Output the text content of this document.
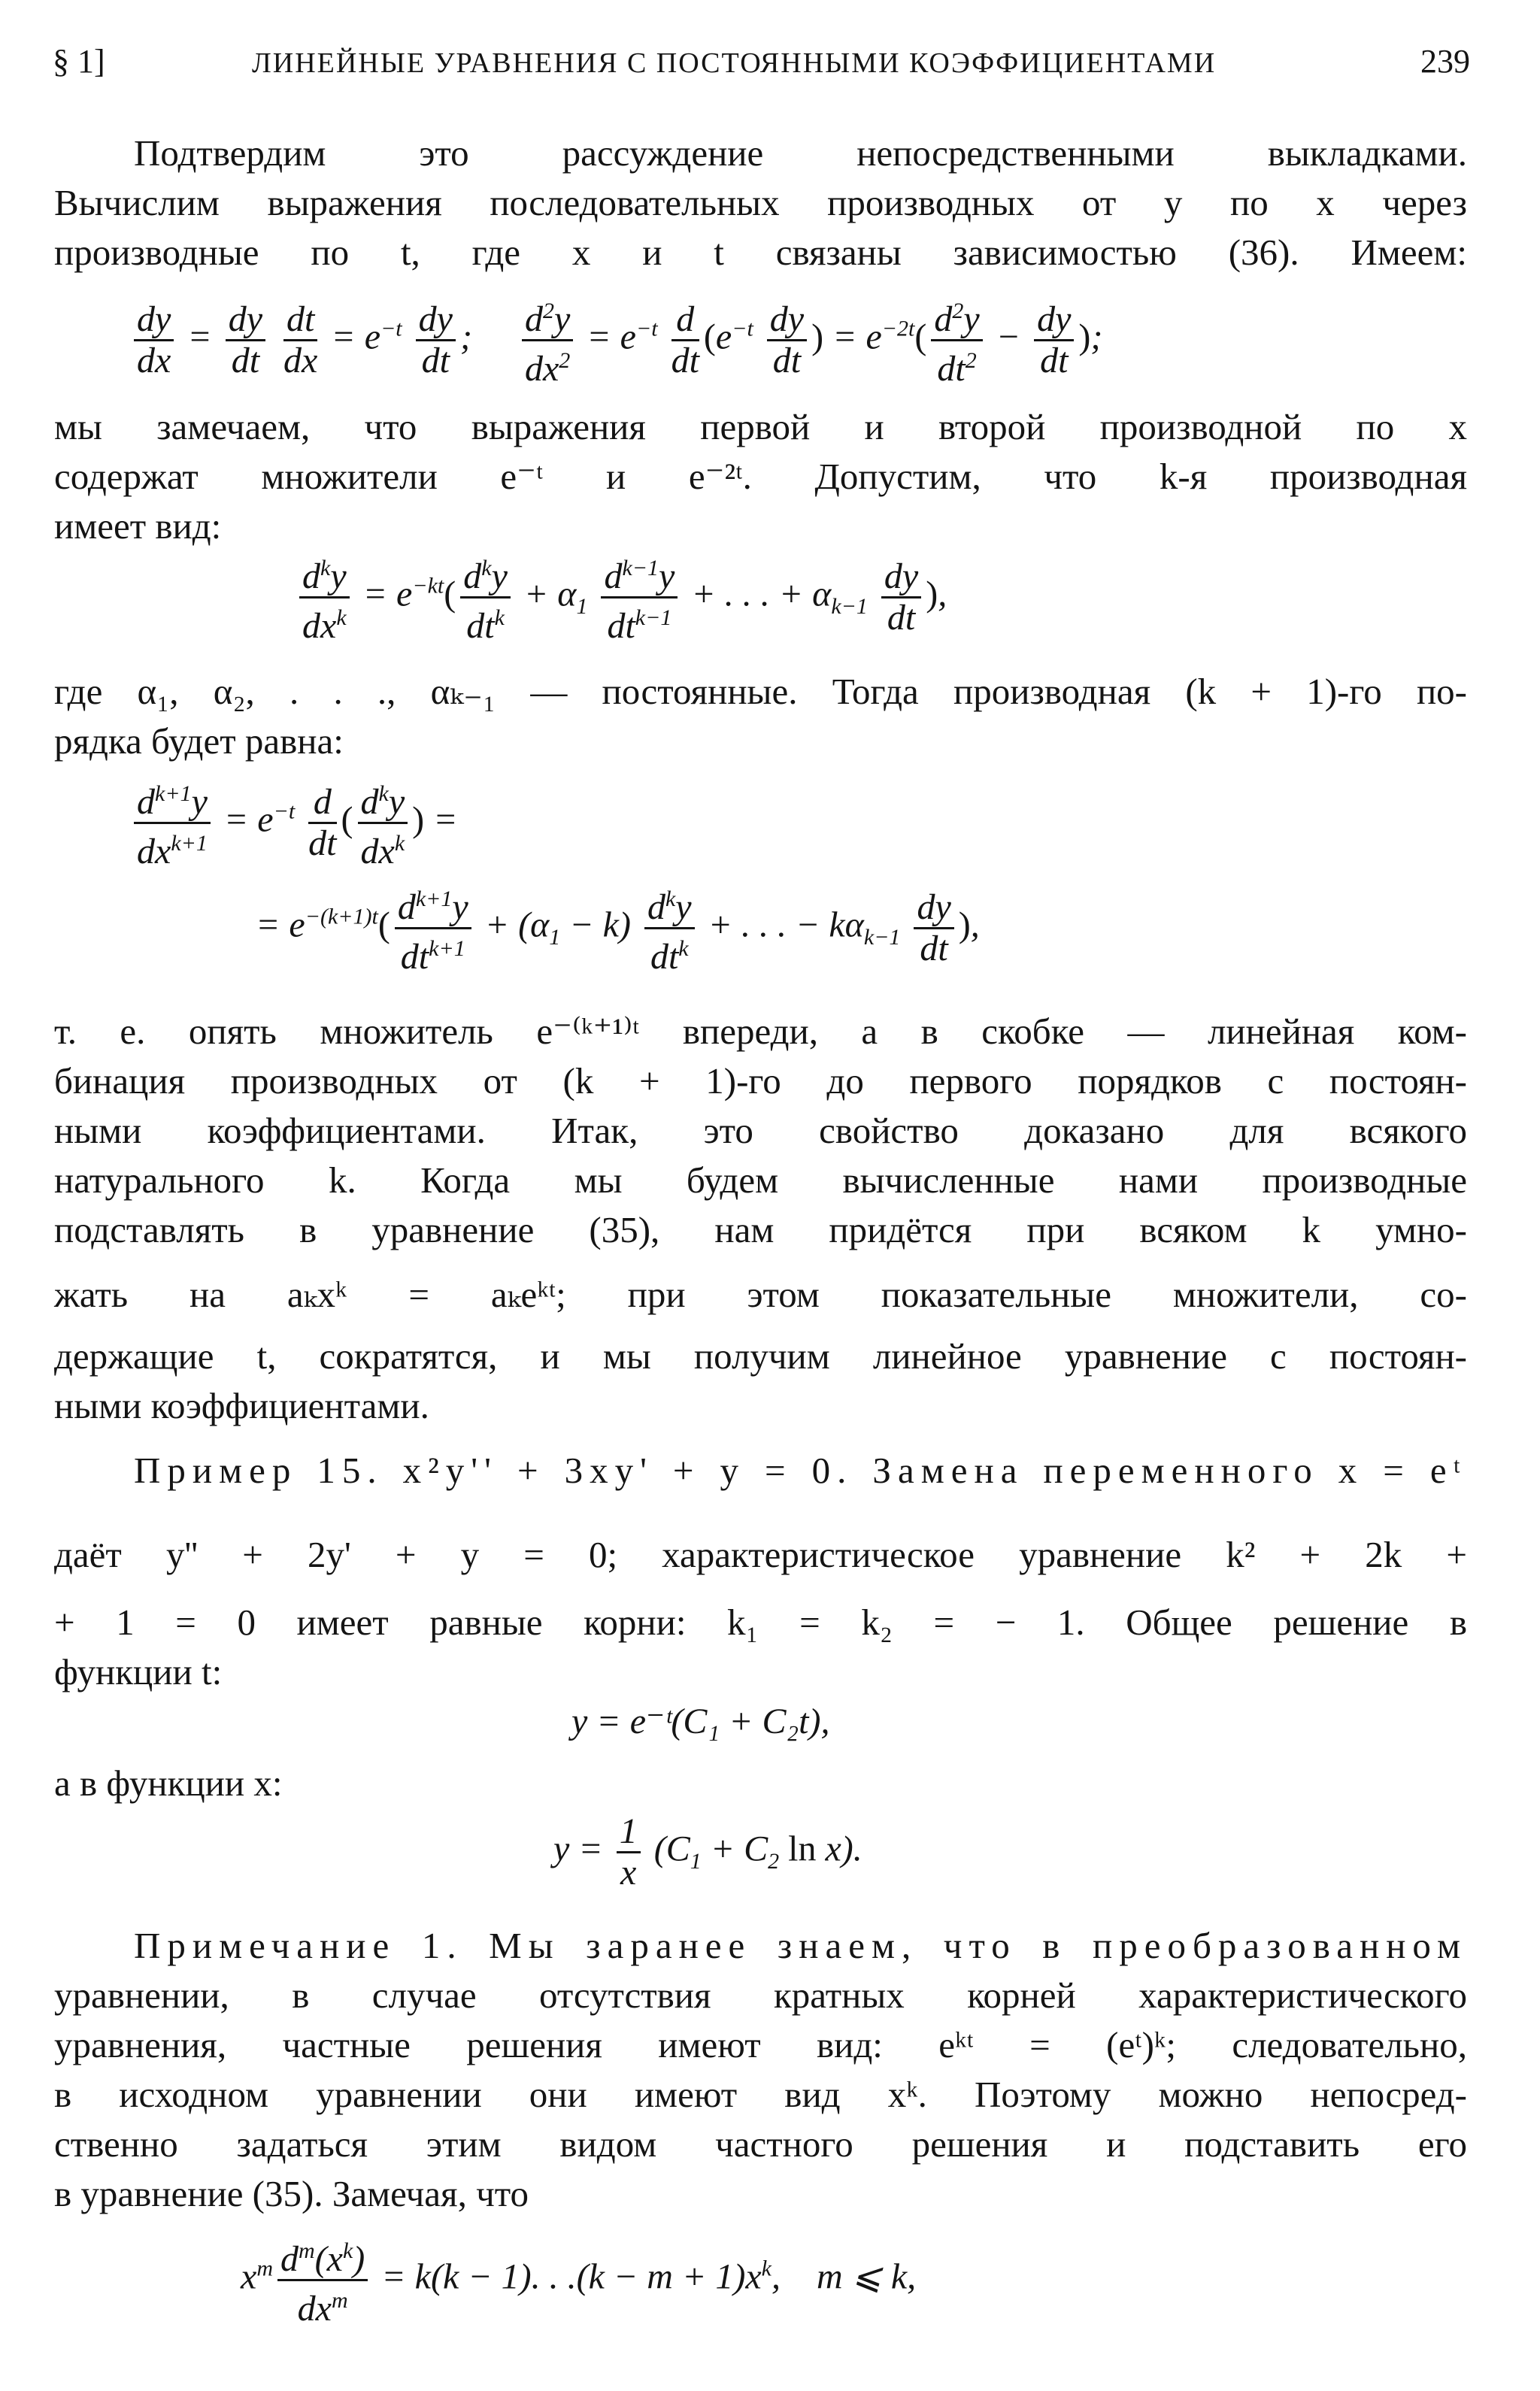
§ 1]	ЛИНЕЙНЫЕ УРАВНЕНИЯ С ПОСТОЯННЫМИ КОЭФФИЦИЕНТАМИ	239
Подтвердим это рассуждение непосредственными выкладками.
Вычислим выражения последовательных производных от y по x через
производные по t, где x и t связаны зависимостью (36). Имеем:
$\frac{dy}{dx} = \frac{dy}{dt}$
$\frac{dt}{dx} = e^{-t} \frac{dy}{dt}$ ; $\frac{d^2y}{dx^2} = e^{-t} \frac{d}{dt} (e^{-t} \frac{dy}{dt}$ ) = $e^{-2t}( \frac{d^2y}{dt^2} - \frac{dy}{dt}$ );
мы замечаем, что выражения первой и второй производной по x
содержат множители e⁻ᵗ и e⁻²ᵗ. Допустим, что k-я производная
имеет вид:
$\frac{d^ky}{dx^k} = e^{-kt}( \frac{d^ky}{dt^k} + \alpha_1 \frac{d^{k-1}y}{dt^{k-1}}$ + . . . + $\alpha_{k-1} \frac{dy}{dt}$ ),
где α₁, α₂, . . ., αₖ₋₁ — постоянные. Тогда производная (k + 1)-го по-
рядка будет равна:
$\frac{d^{k+1}y}{dx^{k+1}} = e^{-t} \frac{d}{dt}$ ( $\frac{d^ky}{dx^k}$ ) =
= $e^{-(k+1)t}( \frac{d^{k+1}y}{dt^{k+1}} + (\alpha_1 - k) \frac{d^ky}{dt^k}$ + . . . − $k\alpha_{k-1} \frac{dy}{dt}$ ),
т. е. опять множитель e⁻⁽ᵏ⁺¹⁾ᵗ впереди, а в скобке — линейная ком-
бинация производных от (k + 1)-го до первого порядков с постоян-
ными коэффициентами. Итак, это свойство доказано для всякого
натурального k. Когда мы будем вычисленные нами производные
подставлять в уравнение (35), нам придётся при всяком k умно-
жать на aₖxᵏ = aₖeᵏᵗ; при этом показательные множители, со-
держащие t, сократятся, и мы получим линейное уравнение с постоян-
ными коэффициентами.
Пример 15. x²y'' + 3xy' + y = 0. Замена переменного x = eᵗ
даёт y'' + 2y' + y = 0; характеристическое уравнение k² + 2k +
+ 1 = 0 имеет равные корни: k₁ = k₂ = − 1. Общее решение в
функции t:
y = e⁻ᵗ(C₁ + C₂t),
а в функции x:
$y = \frac{1}{x} (C_1 + C_2$ ln x).
Примечание 1. Мы заранее знаем, что в преобразованном
уравнении, в случае отсутствия кратных корней характеристического
уравнения, частные решения имеют вид: eᵏᵗ = (eᵗ)ᵏ; следовательно,
в исходном уравнении они имеют вид xᵏ. Поэтому можно непосред-
ственно задаться этим видом частного решения и подставить его
в уравнение (35). Замечая, что
$x^m \frac{d^m(x^k)}{dx^m} = k(k - 1)$. . $.(k - m + 1)x^k$,    m ⩽ k,
